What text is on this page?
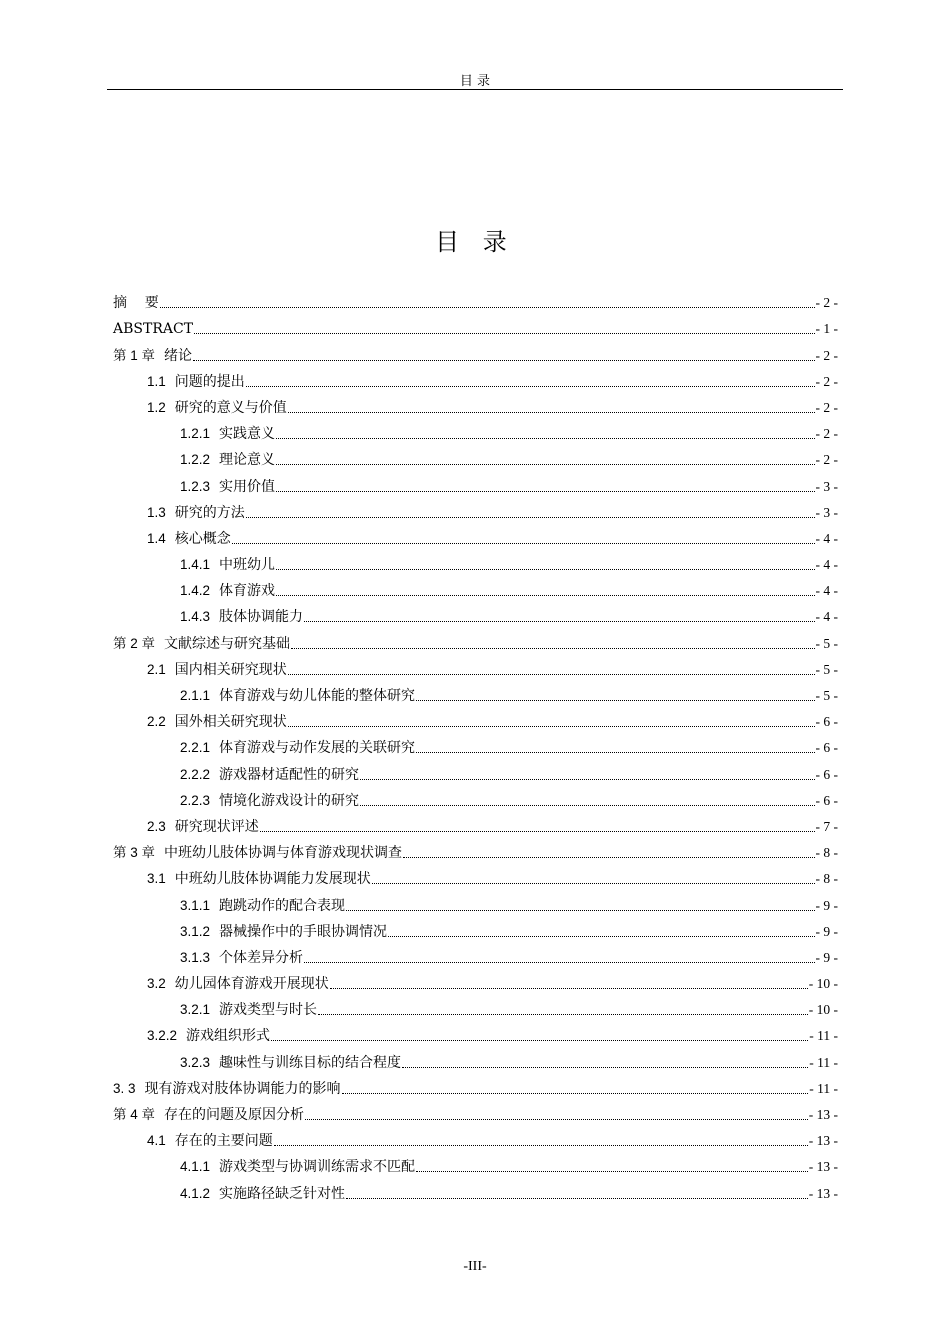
目 录
目 录
摘    要	- 2 -
ABSTRACT	- 1 -
第 1 章 绪论	- 2 -
1.1 问题的提出	- 2 -
1.2 研究的意义与价值	- 2 -
1.2.1 实践意义	- 2 -
1.2.2 理论意义	- 2 -
1.2.3 实用价值	- 3 -
1.3 研究的方法	- 3 -
1.4 核心概念	- 4 -
1.4.1 中班幼儿	- 4 -
1.4.2 体育游戏	- 4 -
1.4.3 肢体协调能力	- 4 -
第 2 章 文献综述与研究基础	- 5 -
2.1 国内相关研究现状	- 5 -
2.1.1 体育游戏与幼儿体能的整体研究	- 5 -
2.2 国外相关研究现状	- 6 -
2.2.1 体育游戏与动作发展的关联研究	- 6 -
2.2.2 游戏器材适配性的研究	- 6 -
2.2.3 情境化游戏设计的研究	- 6 -
2.3 研究现状评述	- 7 -
第 3 章 中班幼儿肢体协调与体育游戏现状调查	- 8 -
3.1 中班幼儿肢体协调能力发展现状	- 8 -
3.1.1 跑跳动作的配合表现	- 9 -
3.1.2 器械操作中的手眼协调情况	- 9 -
3.1.3 个体差异分析	- 9 -
3.2 幼儿园体育游戏开展现状	- 10 -
3.2.1 游戏类型与时长	- 10 -
3.2.2 游戏组织形式	- 11 -
3.2.3 趣味性与训练目标的结合程度	- 11 -
3. 3 现有游戏对肢体协调能力的影响	- 11 -
第 4 章 存在的问题及原因分析	- 13 -
4.1 存在的主要问题	- 13 -
4.1.1 游戏类型与协调训练需求不匹配	- 13 -
4.1.2 实施路径缺乏针对性	- 13 -
-III-
